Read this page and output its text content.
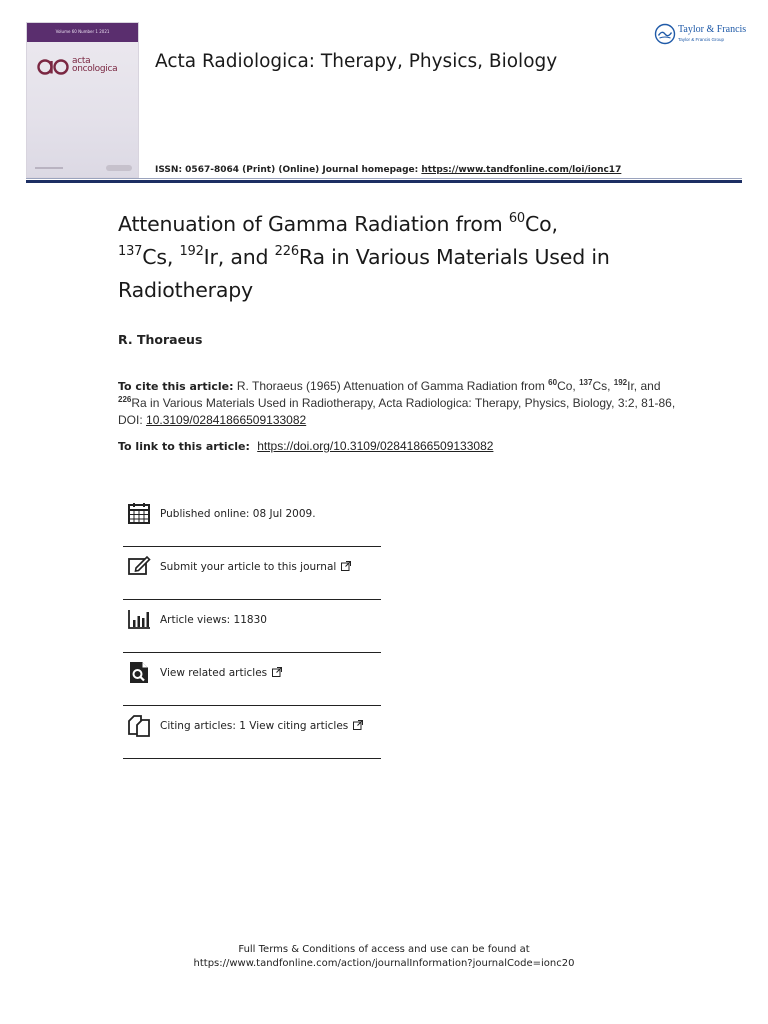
Volume 60 Number 1 2021
acta
oncologica Acta Radiologica: Therapy, Physics, Biology
ISSN: 0567-8064 (Print) (Online) Journal homepage: https://www.tandfonline.com/loi/ionc17
Taylor & Francis
Taylor & Francis Group
Attenuation of Gamma Radiation from $^{60}$Co,
$^{137}$Cs, $^{192}$Ir, and $^{226}$Ra in Various Materials Used in Radiotherapy
R. Thoraeus
To cite this article: R. Thoraeus (1965) Attenuation of Gamma Radiation from $^{60}$Co, $^{137}$Cs, $^{192}$Ir, and $^{226}$Ra in Various Materials Used in Radiotherapy, Acta Radiologica: Therapy, Physics, Biology, 3:2, 81-86, DOI: 10.3109/02841866509133082
To link to this article: https://doi.org/10.3109/02841866509133082
Published online: 08 Jul 2009.
Submit your article to this journal
Article views: 11830
View related articles
Citing articles: 1 View citing articles
Full Terms & Conditions of access and use can be found at
https://www.tandfonline.com/action/journalInformation?journalCode=ionc20
